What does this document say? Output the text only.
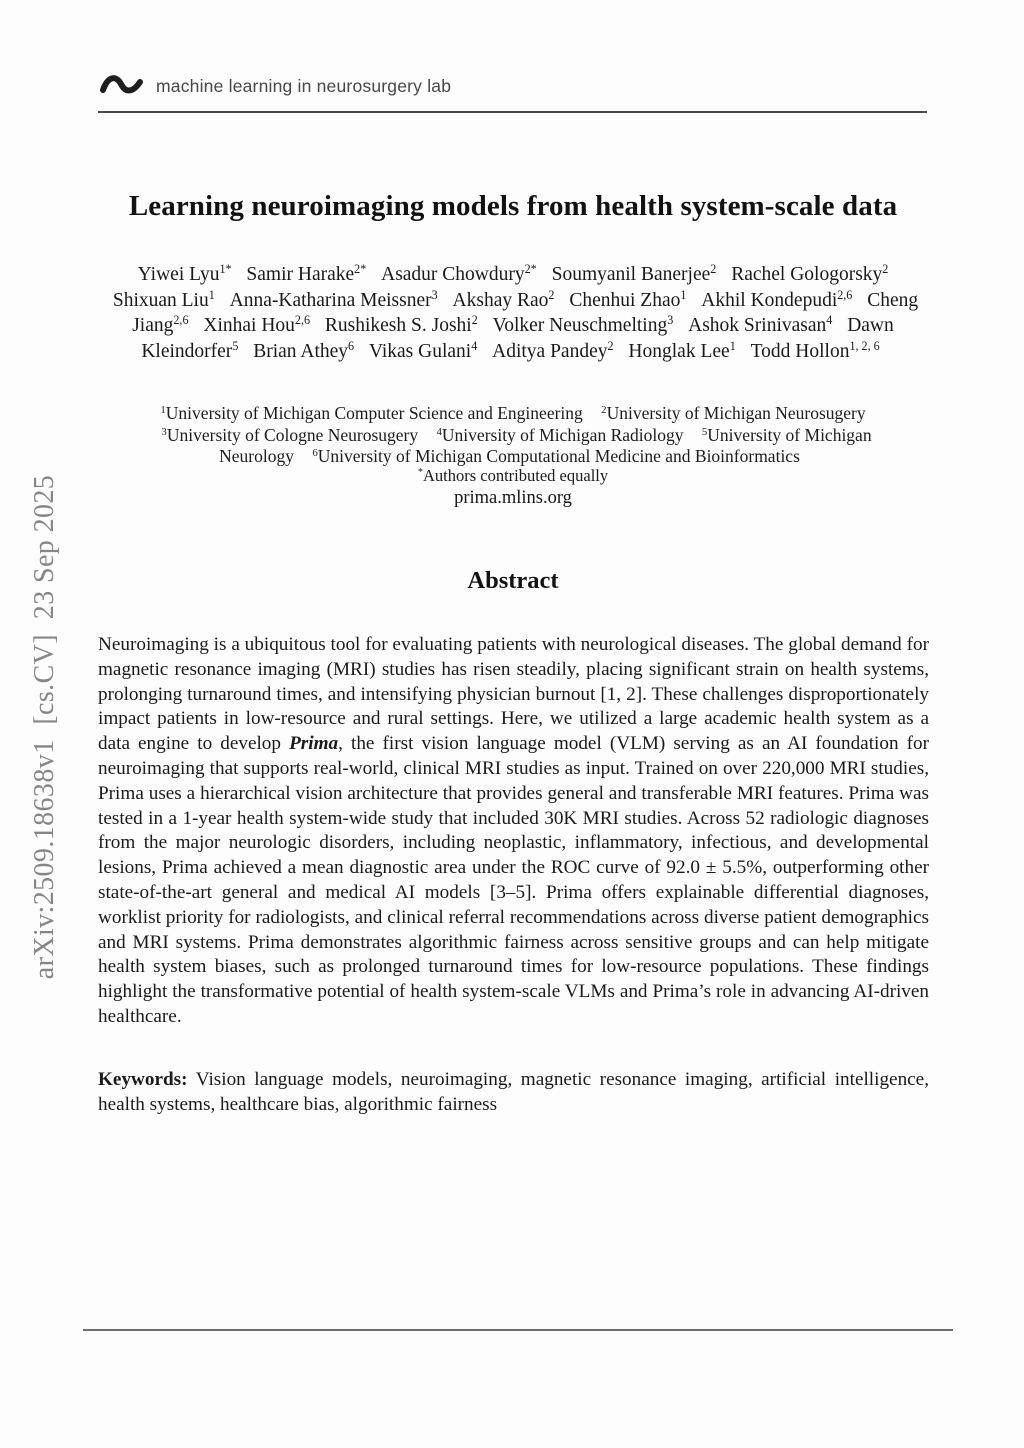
machine learning in neurosurgery lab
arXiv:2509.18638v1  [cs.CV]  23 Sep 2025
Learning neuroimaging models from health system-scale data
Yiwei Lyu$^{1*}$ Samir Harake$^{2*}$ Asadur Chowdury$^{2*}$ Soumyanil Banerjee$^2$ Rachel Gologorsky$^2$ Shixuan Liu$^1$ Anna-Katharina Meissner$^3$ Akshay Rao$^2$ Chenhui Zhao$^1$ Akhil Kondepudi$^{2,6}$ Cheng Jiang$^{2,6}$ Xinhai Hou$^{2,6}$ Rushikesh S. Joshi$^2$ Volker Neuschmelting$^3$ Ashok Srinivasan$^4$ Dawn Kleindorfer$^5$ Brian Athey$^6$ Vikas Gulani$^4$ Aditya Pandey$^2$ Honglak Lee$^1$ Todd Hollon$^{1, 2, 6}$
$^1$University of Michigan Computer Science and Engineering $^2$University of Michigan Neurosugery $^3$University of Cologne Neurosugery $^4$University of Michigan Radiology $^5$University of Michigan Neurology $^6$University of Michigan Computational Medicine and Bioinformatics
*Authors contributed equally
prima.mlins.org
Abstract

Neuroimaging is a ubiquitous tool for evaluating patients with neurological diseases. The global demand for magnetic resonance imaging (MRI) studies has risen steadily, placing significant strain on health systems, prolonging turnaround times, and intensifying physician burnout [1, 2]. These challenges disproportionately impact patients in low-resource and rural settings. Here, we utilized a large academic health system as a data engine to develop Prima, the first vision language model (VLM) serving as an AI foundation for neuroimaging that supports real-world, clinical MRI studies as input. Trained on over 220,000 MRI studies, Prima uses a hierarchical vision architecture that provides general and transferable MRI features. Prima was tested in a 1-year health system-wide study that included 30K MRI studies. Across 52 radiologic diagnoses from the major neurologic disorders, including neoplastic, inflammatory, infectious, and developmental lesions, Prima achieved a mean diagnostic area under the ROC curve of 92.0 ± 5.5%, outperforming other state-of-the-art general and medical AI models [3–5]. Prima offers explainable differential diagnoses, worklist priority for radiologists, and clinical referral recommendations across diverse patient demographics and MRI systems. Prima demonstrates algorithmic fairness across sensitive groups and can help mitigate health system biases, such as prolonged turnaround times for low-resource populations. These findings highlight the transformative potential of health system-scale VLMs and Prima’s role in advancing AI-driven healthcare.

Keywords: Vision language models, neuroimaging, magnetic resonance imaging, artificial intelligence, health systems, healthcare bias, algorithmic fairness
